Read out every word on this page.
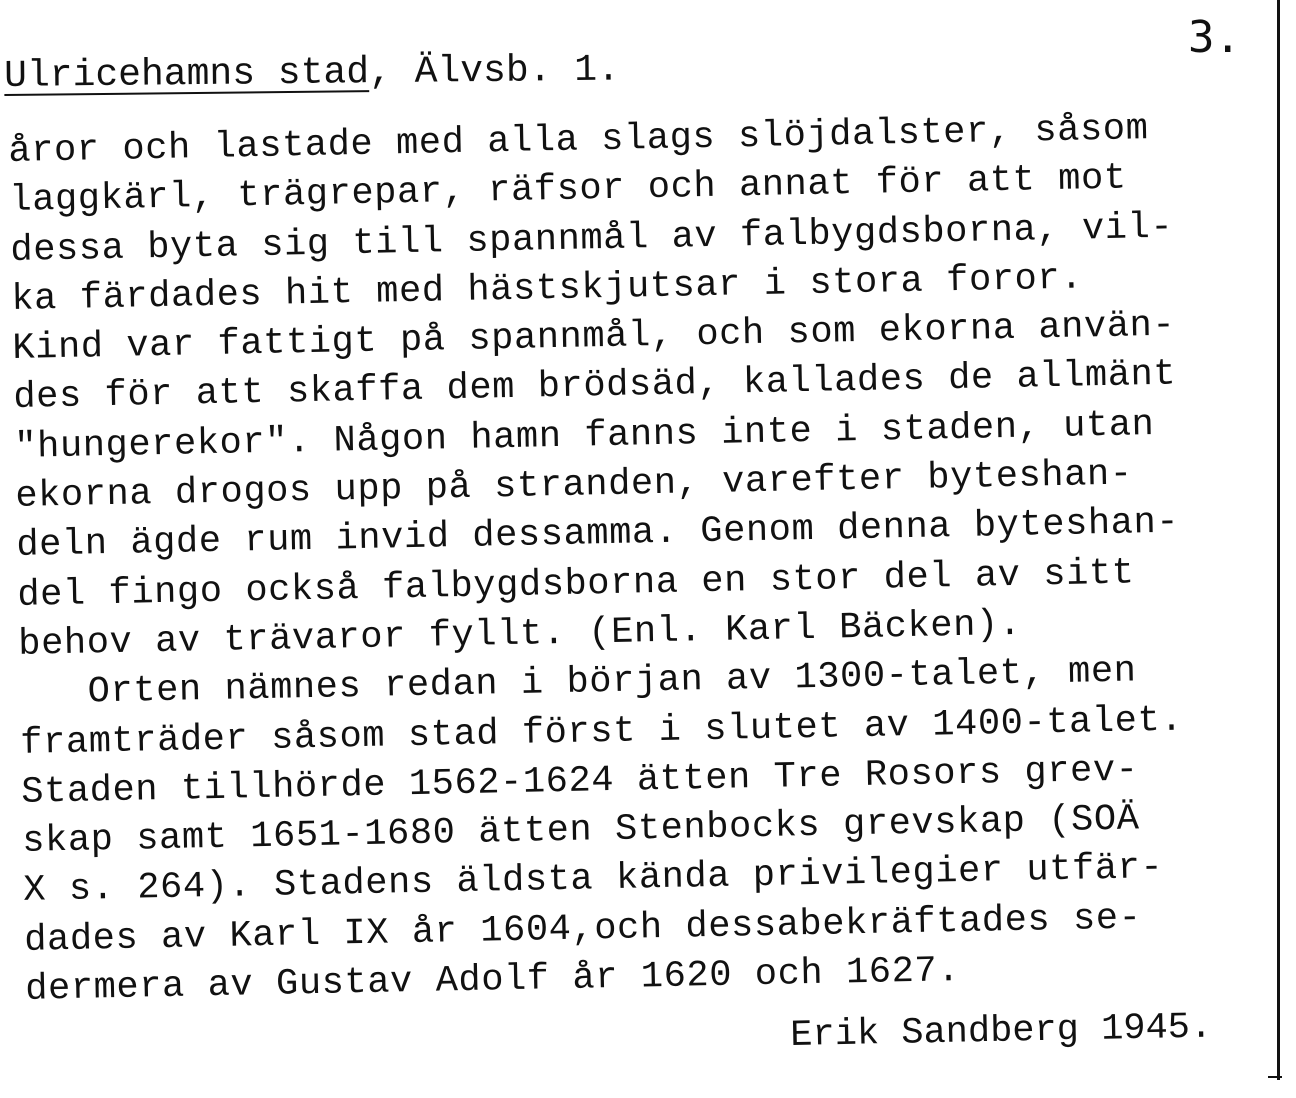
3.
Ulricehamns stad, Älvsb. 1.
åror och lastade med alla slags slöjdalster, såsom
laggkärl, trägrepar, räfsor och annat för att mot
dessa byta sig till spannmål av falbygdsborna, vil-
ka färdades hit med hästskjutsar i stora foror.
Kind var fattigt på spannmål, och som ekorna använ-
des för att skaffa dem brödsäd, kallades de allmänt
"hungerekor". Någon hamn fanns inte i staden, utan
ekorna drogos upp på stranden, varefter byteshan-
deln ägde rum invid dessamma. Genom denna byteshan-
del fingo också falbygdsborna en stor del av sitt
behov av trävaror fyllt. (Enl. Karl Bäcken).
Orten nämnes redan i början av 1300-talet, men
framträder såsom stad först i slutet av 1400-talet.
Staden tillhörde 1562-1624 ätten Tre Rosors grev-
skap samt 1651-1680 ätten Stenbocks grevskap (SOÄ
X s. 264). Stadens äldsta kända privilegier utfär-
dades av Karl IX år 1604,och dessabekräftades se-
dermera av Gustav Adolf år 1620 och 1627.
Erik Sandberg 1945.
